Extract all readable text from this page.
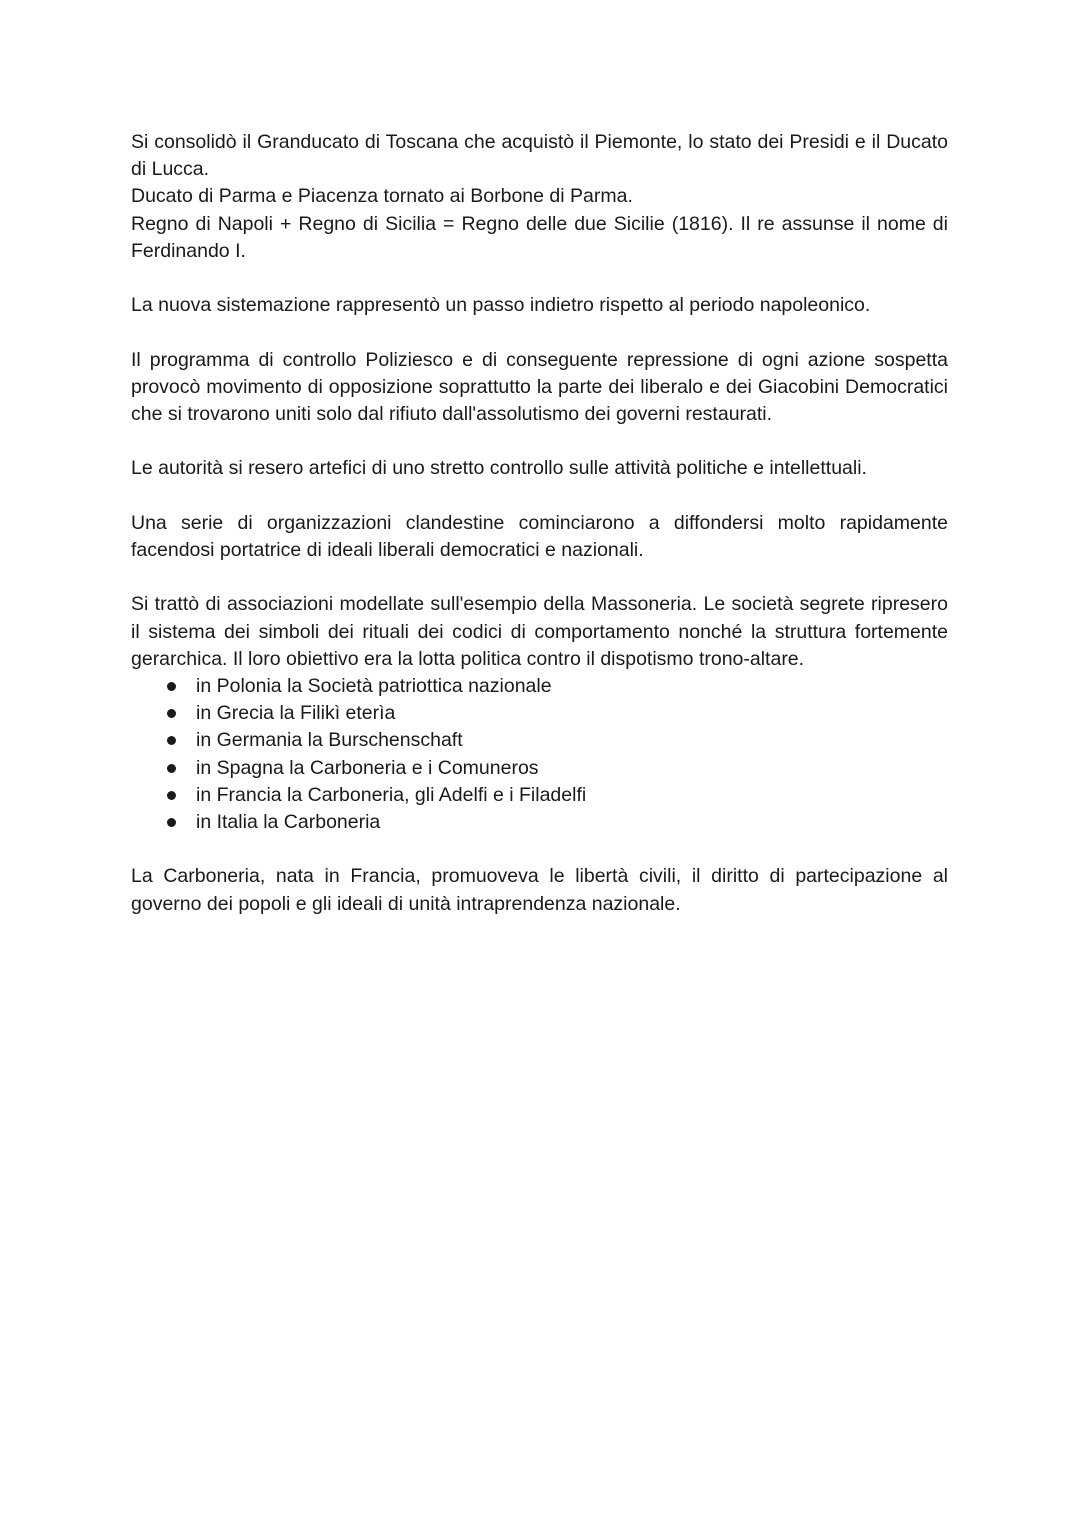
Si consolidò il Granducato di Toscana che acquistò il Piemonte, lo stato dei Presidi e il Ducato di Lucca.

Ducato di Parma e Piacenza tornato ai Borbone di Parma.

Regno di Napoli + Regno di Sicilia = Regno delle due Sicilie (1816). Il re assunse il nome di Ferdinando I.

La nuova sistemazione rappresentò un passo indietro rispetto al periodo napoleonico.

Il programma di controllo Poliziesco e di conseguente repressione di ogni azione sospetta provocò movimento di opposizione soprattutto la parte dei liberalo e dei Giacobini Democratici che si trovarono uniti solo dal rifiuto dall'assolutismo dei governi restaurati.

Le autorità si resero artefici di uno stretto controllo sulle attività politiche e intellettuali.

Una serie di organizzazioni clandestine cominciarono a diffondersi molto rapidamente facendosi portatrice di ideali liberali democratici e nazionali.

Si trattò di associazioni modellate sull'esempio della Massoneria. Le società segrete ripresero il sistema dei simboli dei rituali dei codici di comportamento nonché la struttura fortemente gerarchica. Il loro obiettivo era la lotta politica contro il dispotismo trono-altare.

in Polonia la Società patriottica nazionale
in Grecia la Filikì eterìa
in Germania la Burschenschaft
in Spagna la Carboneria e i Comuneros
in Francia la Carboneria, gli Adelfi e i Filadelfi
in Italia la Carboneria

La Carboneria, nata in Francia, promuoveva le libertà civili, il diritto di partecipazione al governo dei popoli e gli ideali di unità intraprendenza nazionale.
